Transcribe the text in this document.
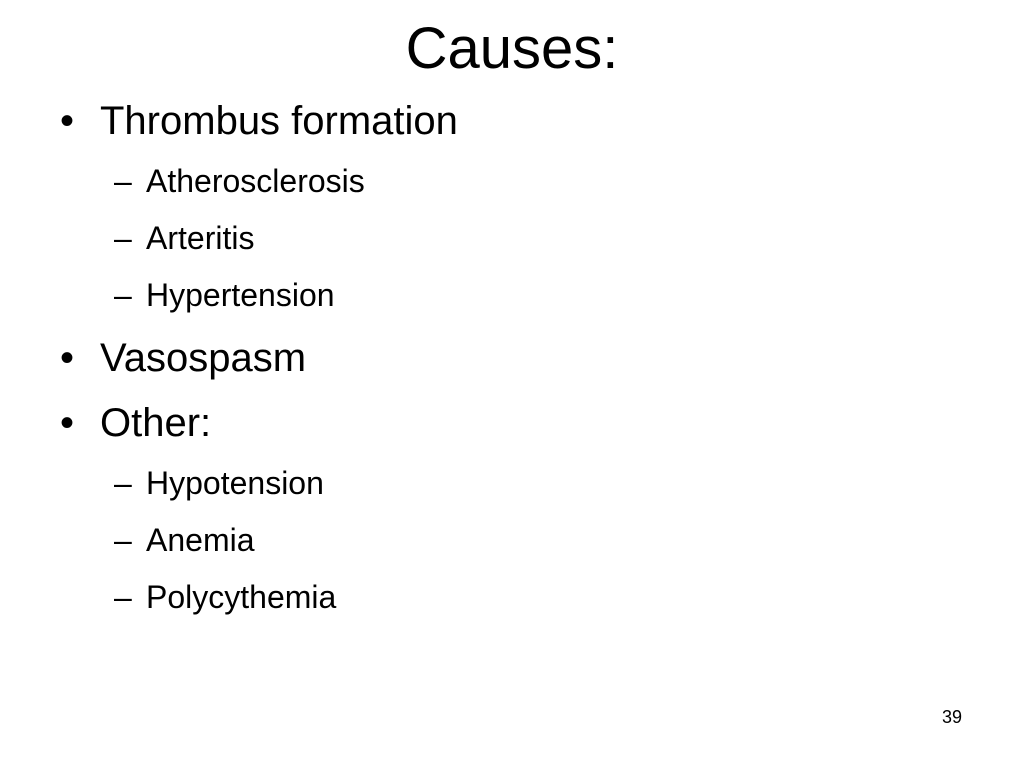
Causes:
• Thrombus formation
– Atherosclerosis
– Arteritis
– Hypertension
• Vasospasm
• Other:
– Hypotension
– Anemia
– Polycythemia
39
